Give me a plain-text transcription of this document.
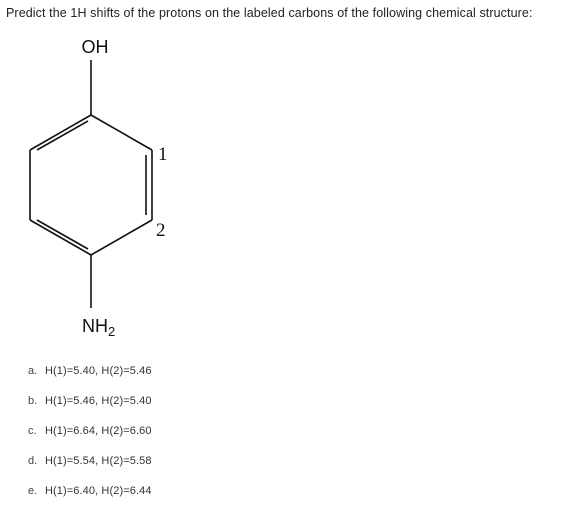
Predict the 1H shifts of the protons on the labeled carbons of the following chemical structure:
OH
1
2
$NH_2$
a. H(1)=5.40, H(2)=5.46
b. H(1)=5.46, H(2)=5.40
c. H(1)=6.64, H(2)=6.60
d. H(1)=5.54, H(2)=5.58
e. H(1)=6.40, H(2)=6.44
